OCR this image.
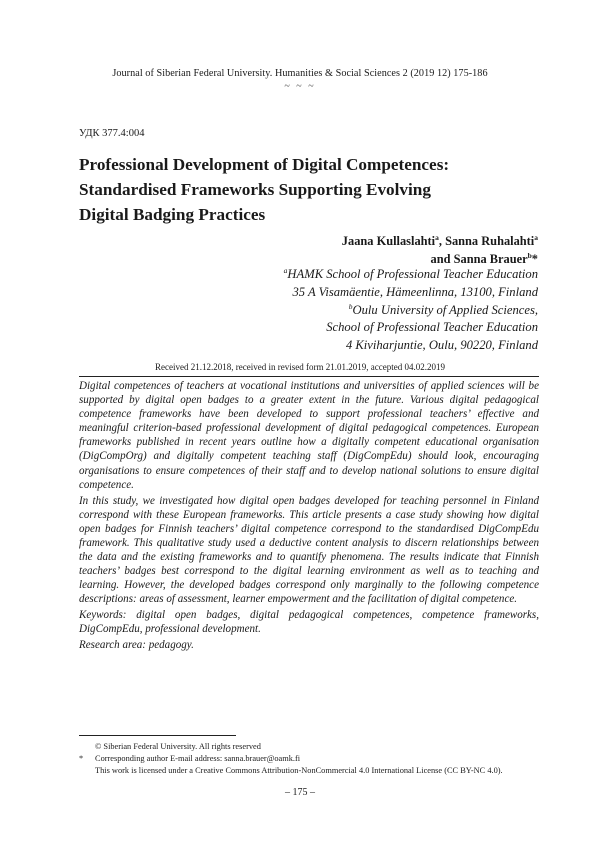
Journal of Siberian Federal University. Humanities & Social Sciences 2 (2019 12) 175-186
~ ~ ~
УДК 377.4:004
Professional Development of Digital Competences:
Standardised Frameworks Supporting Evolving
Digital Badging Practices
Jaana Kullaslahti$^a$, Sanna Ruhalahti$^a$
and Sanna Brauer$^b$*
$^a$HAMK School of Professional Teacher Education
35 A Visamäentie, Hämeenlinna, 13100, Finland
$^b$Oulu University of Applied Sciences,
School of Professional Teacher Education
4 Kiviharjuntie, Oulu, 90220, Finland
Received 21.12.2018, received in revised form 21.01.2019, accepted 04.02.2019

Digital competences of teachers at vocational institutions and universities of applied sciences will be supported by digital open badges to a greater extent in the future. Various digital pedagogical competence frameworks have been developed to support professional teachers’ effective and meaningful criterion-based professional development of digital pedagogical competences. European frameworks published in recent years outline how a digitally competent educational organisation (DigCompOrg) and digitally competent teaching staff (DigCompEdu) should look, encouraging organisations to ensure competences of their staff and to develop national solutions to ensure digital competence.

In this study, we investigated how digital open badges developed for teaching personnel in Finland correspond with these European frameworks. This article presents a case study showing how digital open badges for Finnish teachers’ digital competence correspond to the standardised DigCompEdu framework. This qualitative study used a deductive content analysis to discern relationships between the data and the existing frameworks and to quantify phenomena. The results indicate that Finnish teachers’ badges best correspond to the digital learning environment as well as to teaching and learning. However, the developed badges correspond only marginally to the following competence descriptions: areas of assessment, learner empowerment and the facilitation of digital competence.

Keywords: digital open badges, digital pedagogical competences, competence frameworks, DigCompEdu, professional development.

Research area: pedagogy.

© Siberian Federal University. All rights reserved
* Corresponding author E-mail address: sanna.brauer@oamk.fi
This work is licensed under a Creative Commons Attribution-NonCommercial 4.0 International License (CC BY-NC 4.0).
– 175 –
